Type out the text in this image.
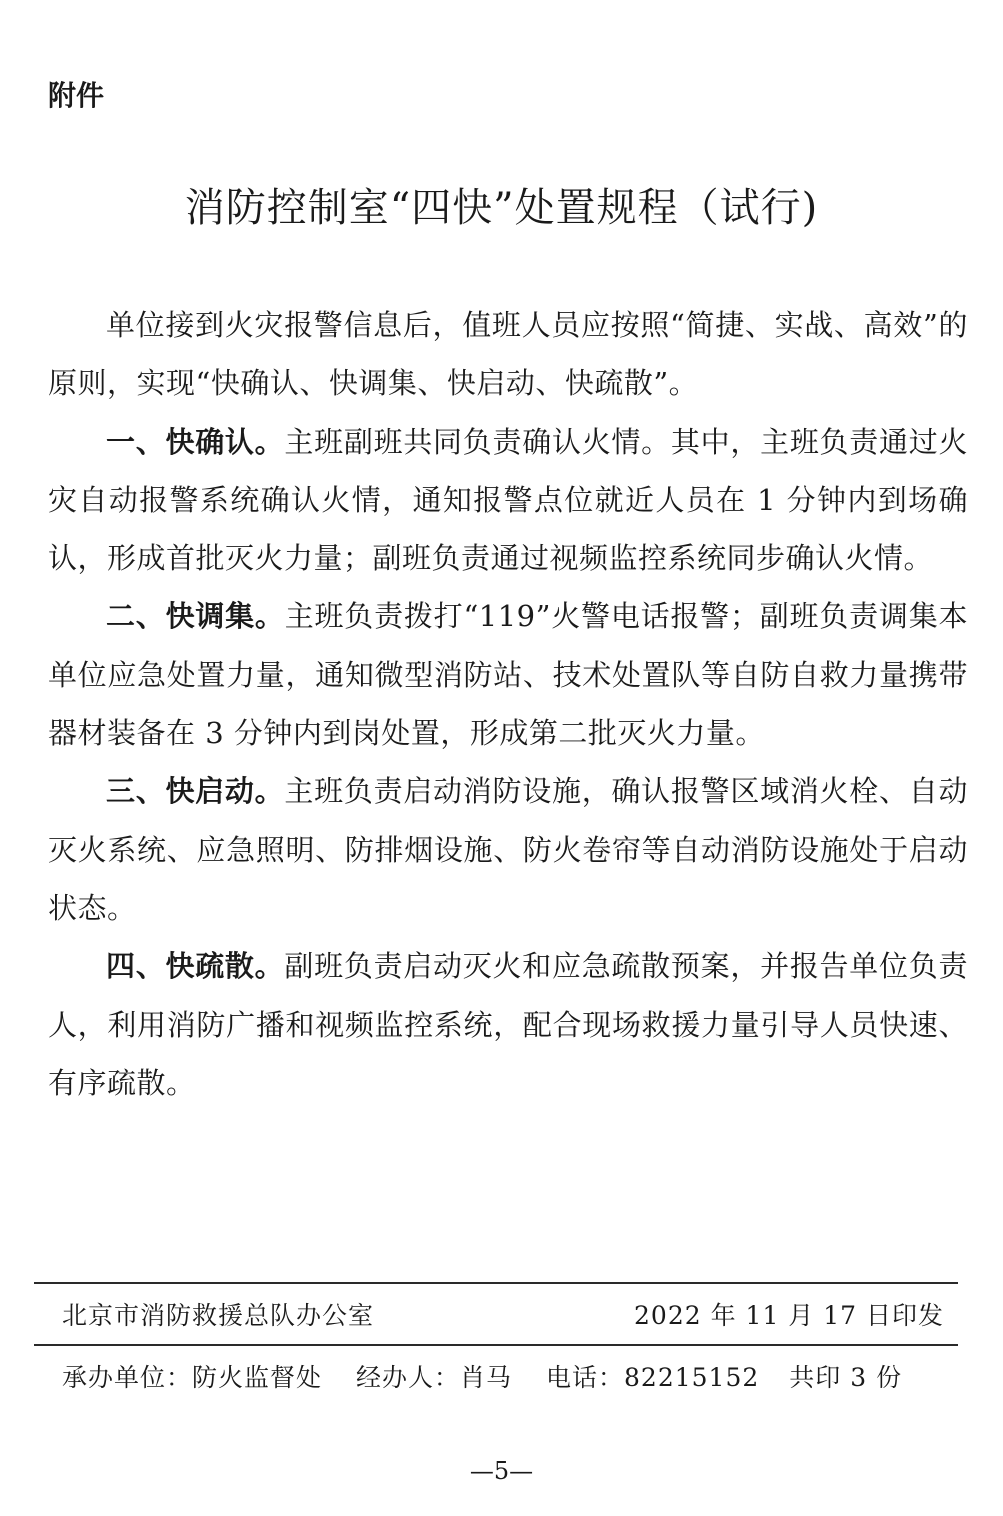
附件
消防控制室“四快”处置规程（试行)

单位接到火灾报警信息后，值班人员应按照“简捷、实战、高效”的原则，实现“快确认、快调集、快启动、快疏散”。

一、快确认。主班副班共同负责确认火情。其中，主班负责通过火灾自动报警系统确认火情，通知报警点位就近人员在 1 分钟内到场确认，形成首批灭火力量；副班负责通过视频监控系统同步确认火情。

二、快调集。主班负责拨打“119”火警电话报警；副班负责调集本单位应急处置力量，通知微型消防站、技术处置队等自防自救力量携带器材装备在 3 分钟内到岗处置，形成第二批灭火力量。

三、快启动。主班负责启动消防设施，确认报警区域消火栓、自动灭火系统、应急照明、防排烟设施、防火卷帘等自动消防设施处于启动状态。

四、快疏散。副班负责启动灭火和应急疏散预案，并报告单位负责人，利用消防广播和视频监控系统，配合现场救援力量引导人员快速、有序疏散。

北京市消防救援总队办公室	2022 年 11 月 17 日印发
承办单位：防火监督处 经办人：肖马 电话：82215152 共印 3 份
—5—
